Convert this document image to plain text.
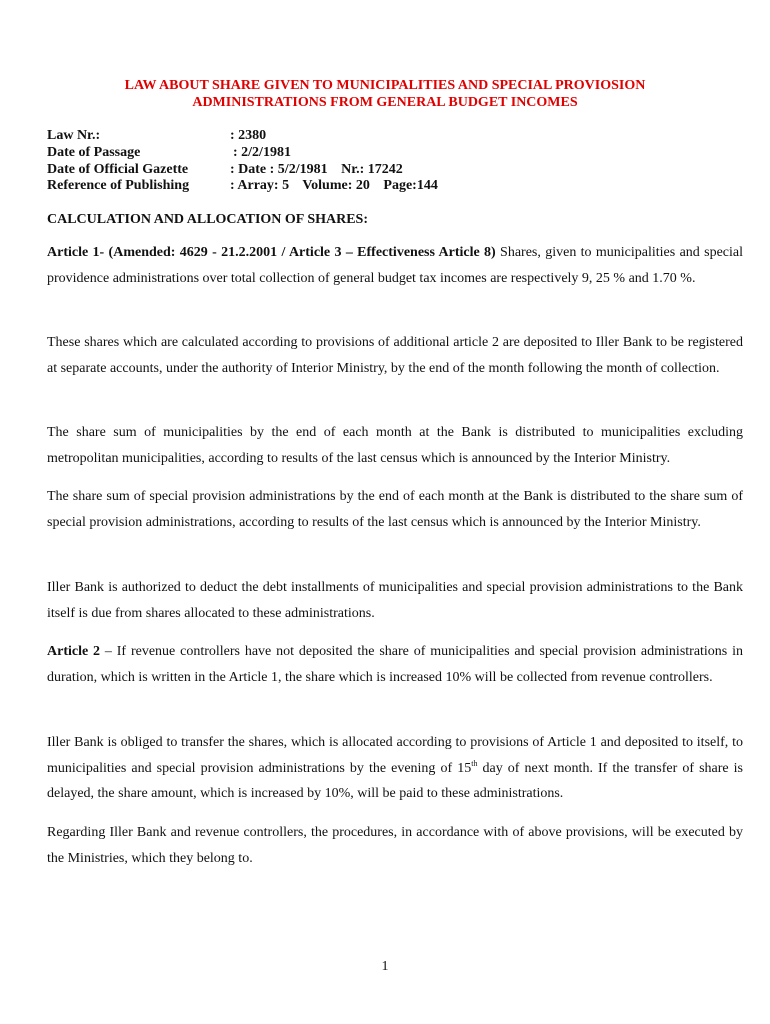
LAW ABOUT SHARE GIVEN TO MUNICIPALITIES AND SPECIAL PROVIOSION
ADMINISTRATIONS FROM GENERAL BUDGET INCOMES
Law Nr.:	: 2380
Date of Passage	: 2/2/1981
Date of Official Gazette	: Date : 5/2/1981 Nr.: 17242
Reference of Publishing	: Array: 5 Volume: 20 Page:144
CALCULATION AND ALLOCATION OF SHARES:

Article 1- (Amended: 4629 - 21.2.2001 / Article 3 – Effectiveness Article 8) Shares, given to municipalities and special providence administrations over total collection of general budget tax incomes are respectively 9, 25 % and 1.70 %.

These shares which are calculated according to provisions of additional article 2 are deposited to Iller Bank to be registered at separate accounts, under the authority of Interior Ministry, by the end of the month following the month of collection.

The share sum of municipalities by the end of each month at the Bank is distributed to municipalities excluding metropolitan municipalities, according to results of the last census which is announced by the Interior Ministry.

The share sum of special provision administrations by the end of each month at the Bank is distributed to the share sum of special provision administrations, according to results of the last census which is announced by the Interior Ministry.

Iller Bank is authorized to deduct the debt installments of municipalities and special provision administrations to the Bank itself is due from shares allocated to these administrations.

Article 2 – If revenue controllers have not deposited the share of municipalities and special provision administrations in duration, which is written in the Article 1, the share which is increased 10% will be collected from revenue controllers.

Iller Bank is obliged to transfer the shares, which is allocated according to provisions of Article 1 and deposited to itself, to municipalities and special provision administrations by the evening of 15th day of next month. If the transfer of share is delayed, the share amount, which is increased by 10%, will be paid to these administrations.

Regarding Iller Bank and revenue controllers, the procedures, in accordance with of above provisions, will be executed by the Ministries, which they belong to.

1
